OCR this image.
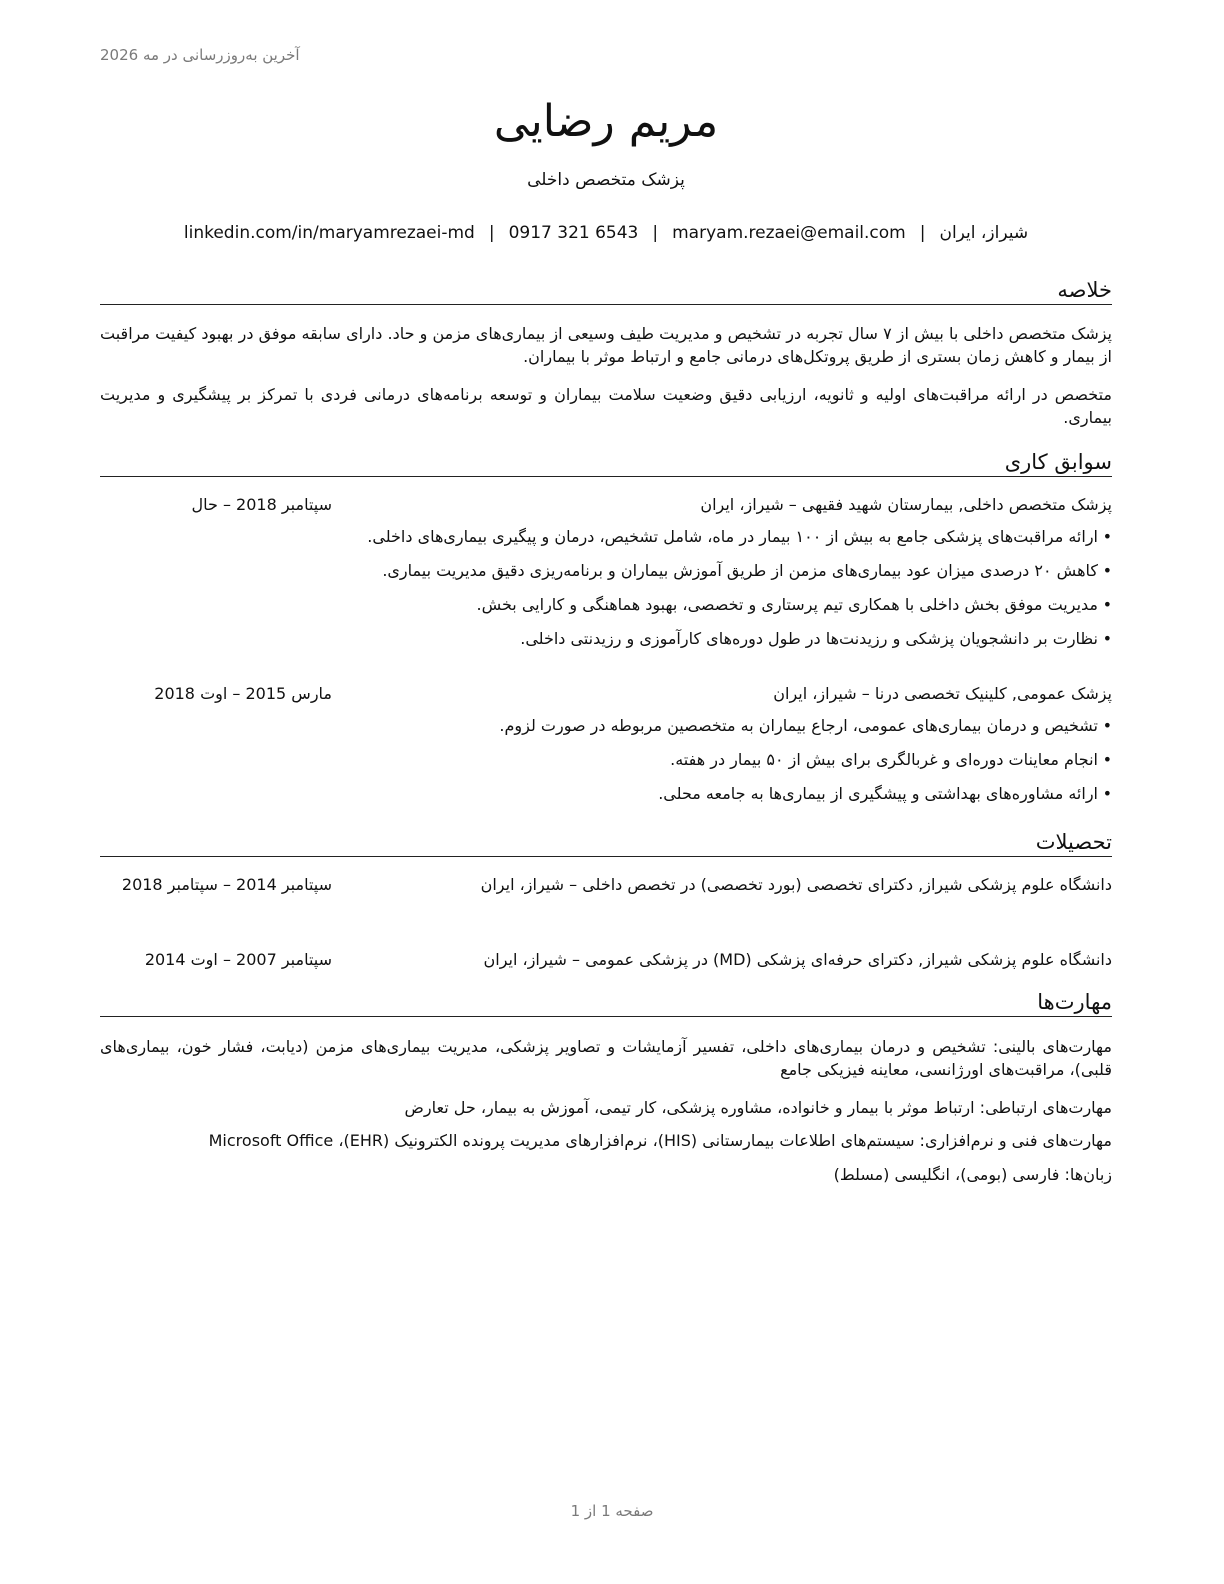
آخرین به‌روزرسانی در مه 2026
مریم رضایی
پزشک متخصص داخلی
شیراز، ایران|maryam.rezaei@email.com|0917 321 6543|linkedin.com/in/maryamrezaei-md
خلاصه
پزشک متخصص داخلی با بیش از ۷ سال تجربه در تشخیص و مدیریت طیف وسیعی از بیماری‌های مزمن و حاد. دارای سابقه موفق در بهبود کیفیت مراقبت از بیمار و کاهش زمان بستری از طریق پروتکل‌های درمانی جامع و ارتباط موثر با بیماران.
متخصص در ارائه مراقبت‌های اولیه و ثانویه، ارزیابی دقیق وضعیت سلامت بیماران و توسعه برنامه‌های درمانی فردی با تمرکز بر پیشگیری و مدیریت بیماری.
سوابق کاری
پزشک متخصص داخلی, بیمارستان شهید فقیهی – شیراز، ایران
سپتامبر 2018 – حال
• ارائه مراقبت‌های پزشکی جامع به بیش از ۱۰۰ بیمار در ماه، شامل تشخیص، درمان و پیگیری بیماری‌های داخلی.
• کاهش ۲۰ درصدی میزان عود بیماری‌های مزمن از طریق آموزش بیماران و برنامه‌ریزی دقیق مدیریت بیماری.
• مدیریت موفق بخش داخلی با همکاری تیم پرستاری و تخصصی، بهبود هماهنگی و کارایی بخش.
• نظارت بر دانشجویان پزشکی و رزیدنت‌ها در طول دوره‌های کارآموزی و رزیدنتی داخلی.
پزشک عمومی, کلینیک تخصصی درنا – شیراز، ایران
مارس 2015 – اوت 2018
• تشخیص و درمان بیماری‌های عمومی، ارجاع بیماران به متخصصین مربوطه در صورت لزوم.
• انجام معاینات دوره‌ای و غربالگری برای بیش از ۵۰ بیمار در هفته.
• ارائه مشاوره‌های بهداشتی و پیشگیری از بیماری‌ها به جامعه محلی.
تحصیلات
دانشگاه علوم پزشکی شیراز, دکترای تخصصی (بورد تخصصی) در تخصص داخلی – شیراز، ایران
سپتامبر 2014 – سپتامبر 2018
دانشگاه علوم پزشکی شیراز, دکترای حرفه‌ای پزشکی (MD) در پزشکی عمومی – شیراز، ایران
سپتامبر 2007 – اوت 2014
مهارت‌ها
مهارت‌های بالینی: تشخیص و درمان بیماری‌های داخلی، تفسیر آزمایشات و تصاویر پزشکی، مدیریت بیماری‌های مزمن (دیابت، فشار خون، بیماری‌های قلبی)، مراقبت‌های اورژانسی، معاینه فیزیکی جامع
مهارت‌های ارتباطی: ارتباط موثر با بیمار و خانواده، مشاوره پزشکی، کار تیمی، آموزش به بیمار، حل تعارض
مهارت‌های فنی و نرم‌افزاری: سیستم‌های اطلاعات بیمارستانی (HIS)، نرم‌افزارهای مدیریت پرونده الکترونیک (EHR)، Microsoft Office
زبان‌ها: فارسی (بومی)، انگلیسی (مسلط)
صفحه 1 از 1
